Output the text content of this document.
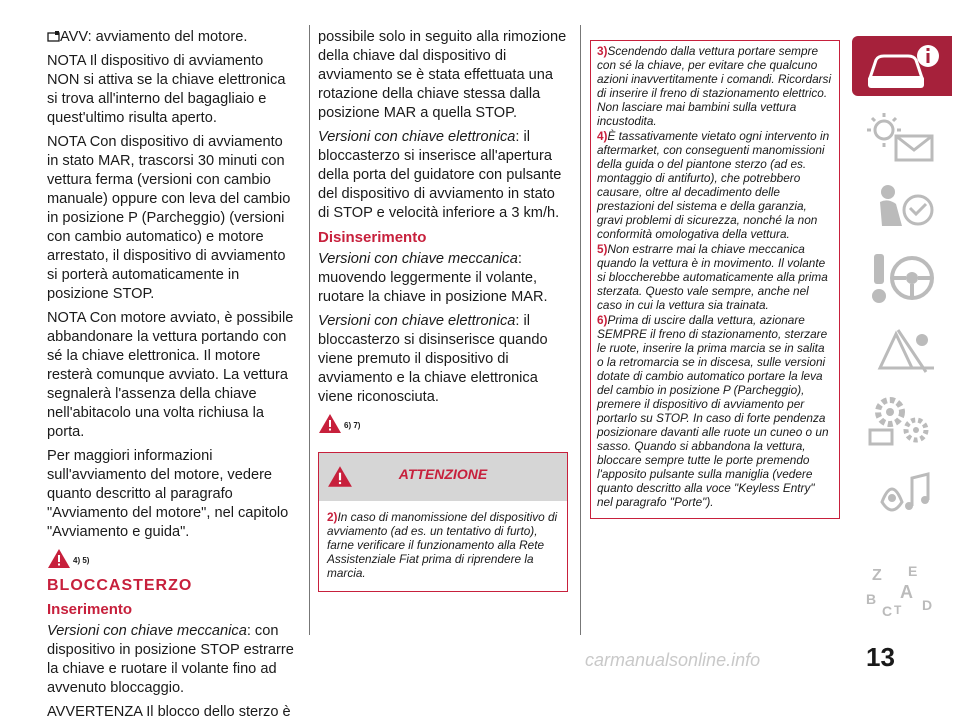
AVV: avviamento del motore.

NOTA Il dispositivo di avviamento NON si attiva se la chiave elettronica si trova all'interno del bagagliaio e quest'ultimo risulta aperto.

NOTA Con dispositivo di avviamento in stato MAR, trascorsi 30 minuti con vettura ferma (versioni con cambio manuale) oppure con leva del cambio in posizione P (Parcheggio) (versioni con cambio automatico) e motore arrestato, il dispositivo di avviamento si porterà automaticamente in posizione STOP.

NOTA Con motore avviato, è possibile abbandonare la vettura portando con sé la chiave elettronica. Il motore resterà comunque avviato. La vettura segnalerà l'assenza della chiave nell'abitacolo una volta richiusa la porta.

Per maggiori informazioni sull'avviamento del motore, vedere quanto descritto al paragrafo "Avviamento del motore", nel capitolo "Avviamento e guida".

4) 5)
BLOCCASTERZO
Inserimento

Versioni con chiave meccanica: con dispositivo in posizione STOP estrarre la chiave e ruotare il volante fino ad avvenuto bloccaggio.

AVVERTENZA Il blocco dello sterzo è

possibile solo in seguito alla rimozione della chiave dal dispositivo di avviamento se è stata effettuata una rotazione della chiave stessa dalla posizione MAR a quella STOP.

Versioni con chiave elettronica: il bloccasterzo si inserisce all'apertura della porta del guidatore con pulsante del dispositivo di avviamento in stato di STOP e velocità inferiore a 3 km/h.

Disinserimento

Versioni con chiave meccanica: muovendo leggermente il volante, ruotare la chiave in posizione MAR.

Versioni con chiave elettronica: il bloccasterzo si disinserisce quando viene premuto il dispositivo di avviamento e la chiave elettronica viene riconosciuta.

6) 7)
ATTENZIONE

2)In caso di manomissione del dispositivo di avviamento (ad es. un tentativo di furto), farne verificare il funzionamento alla Rete Assistenziale Fiat prima di riprendere la marcia.

3)Scendendo dalla vettura portare sempre con sé la chiave, per evitare che qualcuno azioni inavvertitamente i comandi. Ricordarsi di inserire il freno di stazionamento elettrico. Non lasciare mai bambini sulla vettura incustodita.

4)È tassativamente vietato ogni intervento in aftermarket, con conseguenti manomissioni della guida o del piantone sterzo (ad es. montaggio di antifurto), che potrebbero causare, oltre al decadimento delle prestazioni del sistema e della garanzia, gravi problemi di sicurezza, nonché la non conformità omologativa della vettura.

5)Non estrarre mai la chiave meccanica quando la vettura è in movimento. Il volante si bloccherebbe automaticamente alla prima sterzata. Questo vale sempre, anche nel caso in cui la vettura sia trainata.

6)Prima di uscire dalla vettura, azionare SEMPRE il freno di stazionamento, sterzare le ruote, inserire la prima marcia se in salita o la retromarcia se in discesa, sulle versioni dotate di cambio automatico portare la leva del cambio in posizione P (Parcheggio), premere il dispositivo di avviamento per portarlo su STOP. In caso di forte pendenza posizionare davanti alle ruote un cuneo o un sasso. Quando si abbandona la vettura, bloccare sempre tutte le porte premendo l'apposito pulsante sulla maniglia (vedere quanto descritto alla voce "Keyless Entry" nel paragrafo "Porte").

Z E
A
B
C D
T
13
carmanualsonline.info
